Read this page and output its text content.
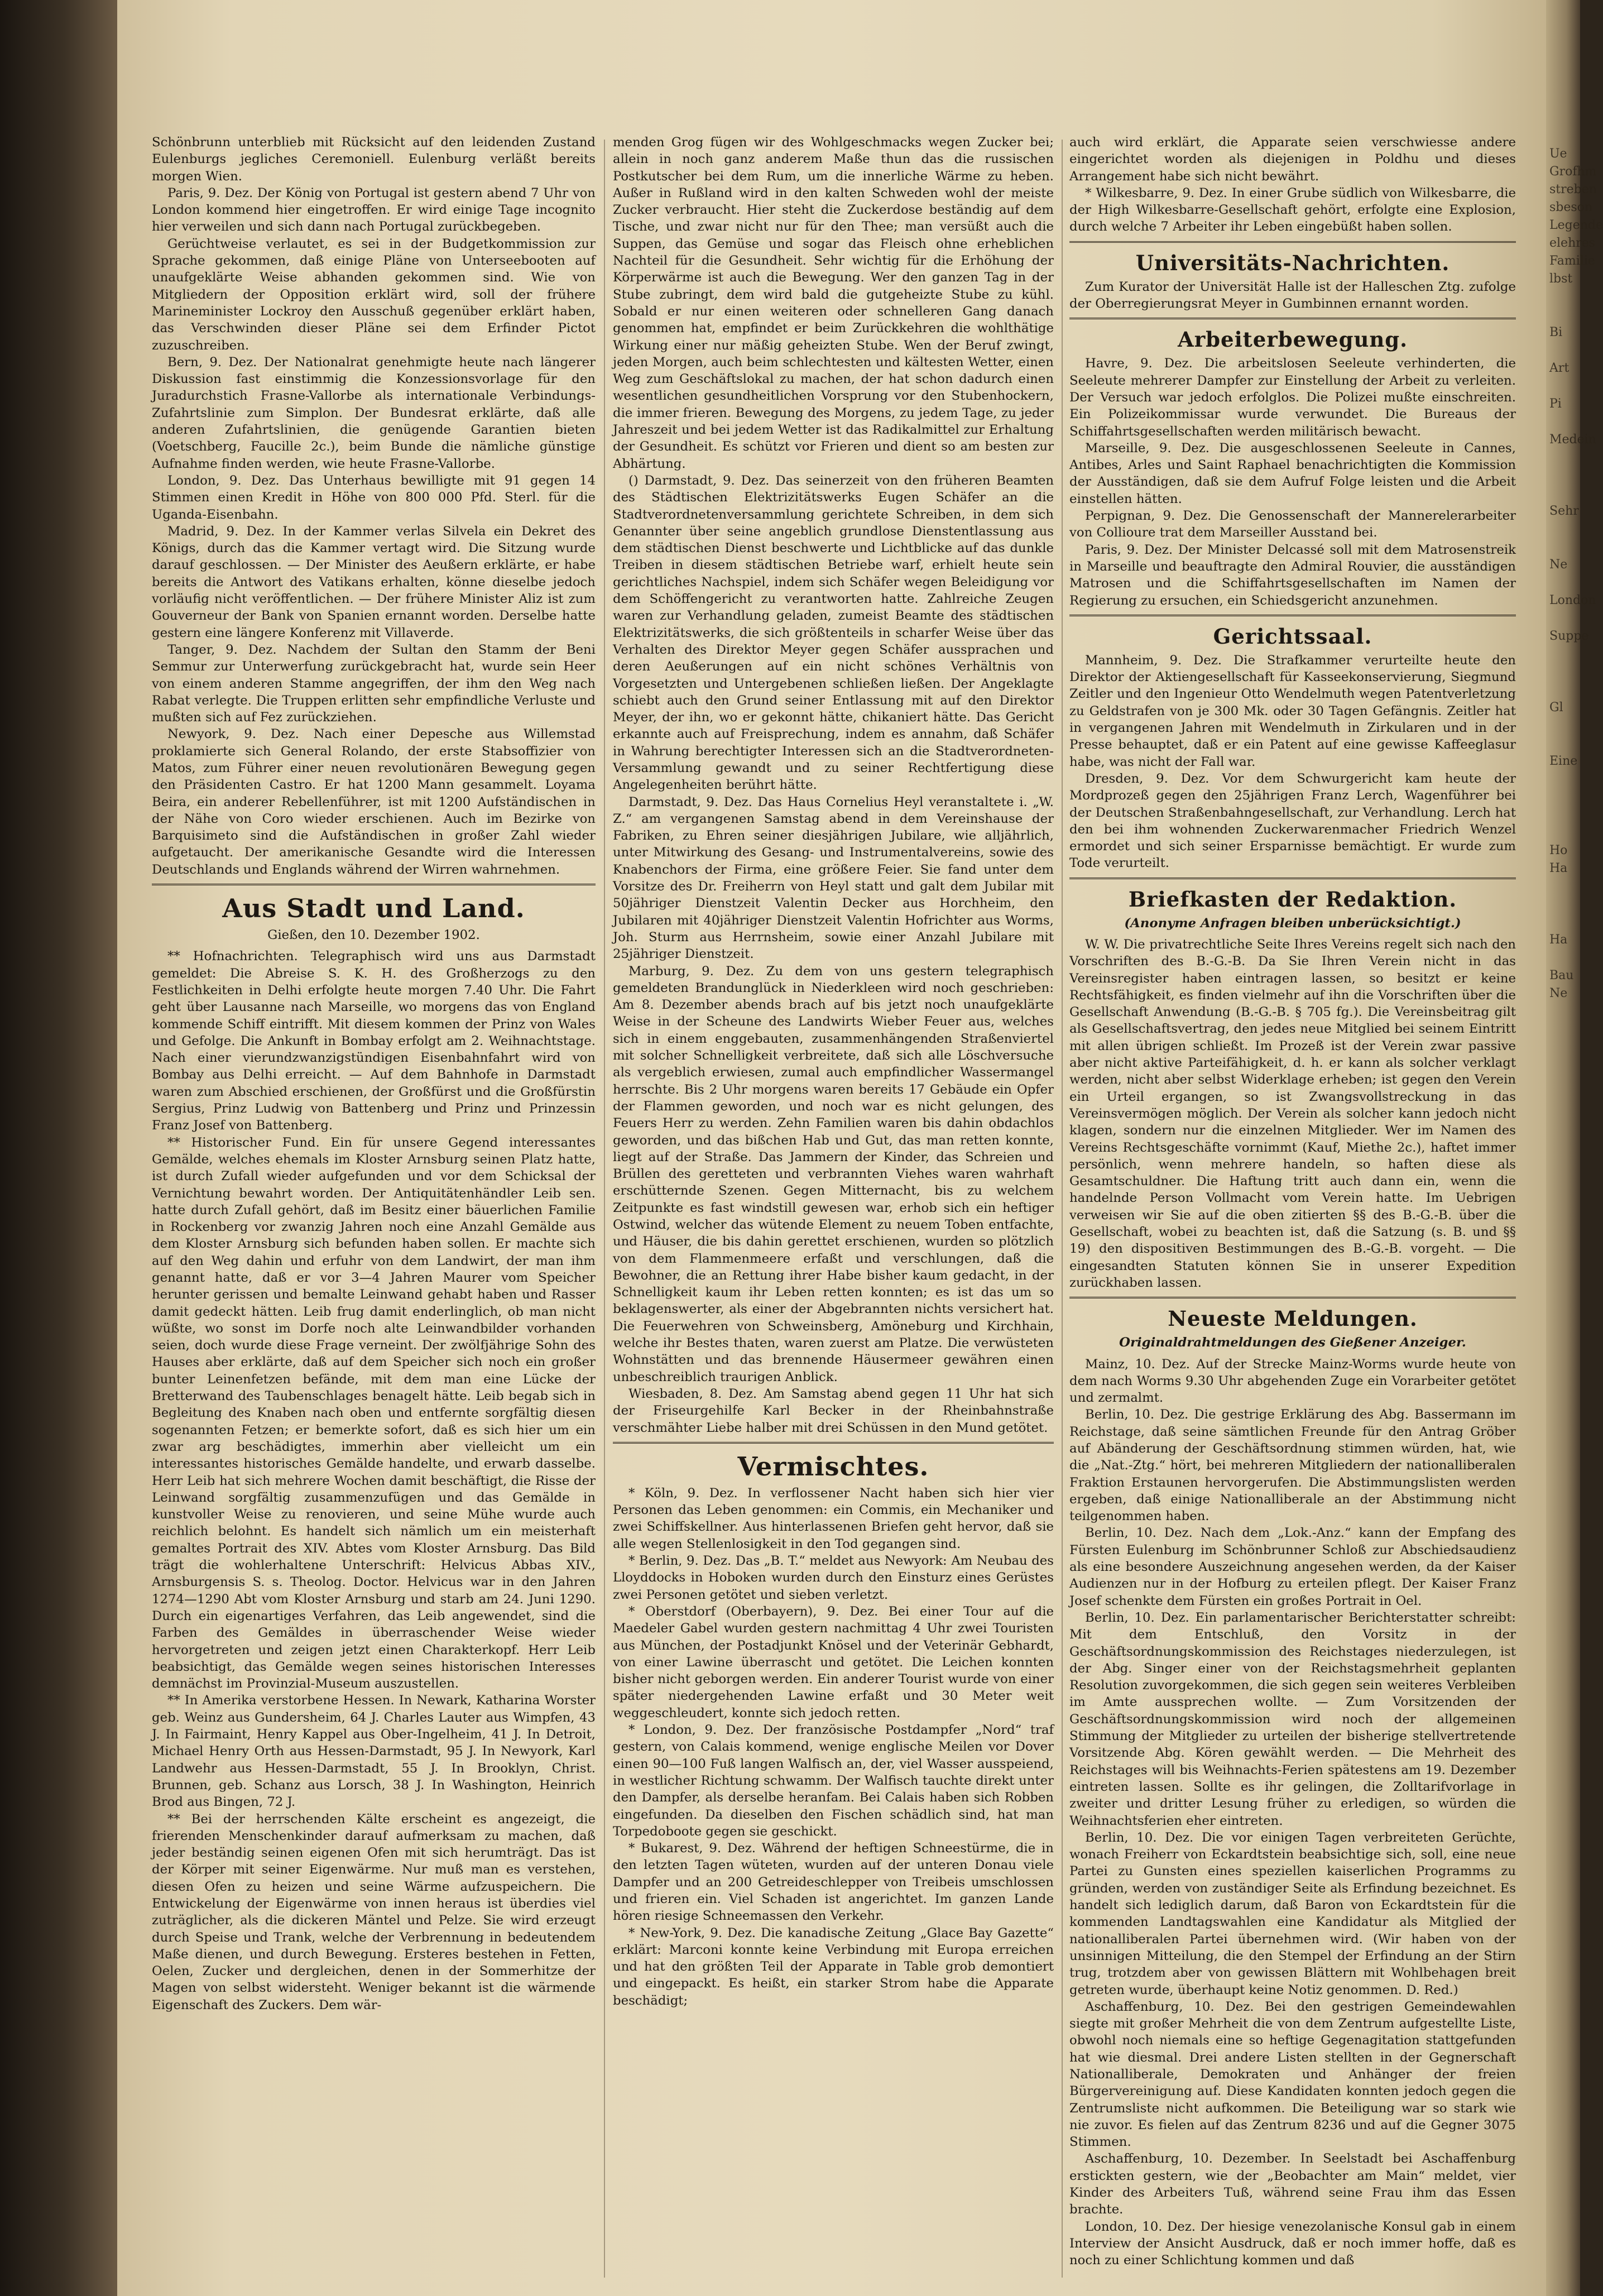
Schönbrunn unterblieb mit Rücksicht auf den leidenden Zustand Eulenburgs jegliches Ceremoniell. Eulenburg verläßt bereits morgen Wien.

Paris, 9. Dez. Der König von Portugal ist gestern abend 7 Uhr von London kommend hier eingetroffen. Er wird einige Tage incognito hier verweilen und sich dann nach Portugal zurückbegeben.

Gerüchtweise verlautet, es sei in der Budgetkommission zur Sprache gekommen, daß einige Pläne von Unterseebooten auf unaufgeklärte Weise abhanden gekommen sind. Wie von Mitgliedern der Opposition erklärt wird, soll der frühere Marineminister Lockroy den Ausschuß gegenüber erklärt haben, das Verschwinden dieser Pläne sei dem Erfinder Pictot zuzuschreiben.

Bern, 9. Dez. Der Nationalrat genehmigte heute nach längerer Diskussion fast einstimmig die Konzessionsvorlage für den Juradurchstich Frasne-Vallorbe als internationale Verbindungs-Zufahrtslinie zum Simplon. Der Bundesrat erklärte, daß alle anderen Zufahrtslinien, die genügende Garantien bieten (Voetschberg, Faucille 2c.), beim Bunde die nämliche günstige Aufnahme finden werden, wie heute Frasne-Vallorbe.

London, 9. Dez. Das Unterhaus bewilligte mit 91 gegen 14 Stimmen einen Kredit in Höhe von 800 000 Pfd. Sterl. für die Uganda-Eisenbahn.

Madrid, 9. Dez. In der Kammer verlas Silvela ein Dekret des Königs, durch das die Kammer vertagt wird. Die Sitzung wurde darauf geschlossen. — Der Minister des Aeußern erklärte, er habe bereits die Antwort des Vatikans erhalten, könne dieselbe jedoch vorläufig nicht veröffentlichen. — Der frühere Minister Aliz ist zum Gouverneur der Bank von Spanien ernannt worden. Derselbe hatte gestern eine längere Konferenz mit Villaverde.

Tanger, 9. Dez. Nachdem der Sultan den Stamm der Beni Semmur zur Unterwerfung zurückgebracht hat, wurde sein Heer von einem anderen Stamme angegriffen, der ihm den Weg nach Rabat verlegte. Die Truppen erlitten sehr empfindliche Verluste und mußten sich auf Fez zurückziehen.

Newyork, 9. Dez. Nach einer Depesche aus Willemstad proklamierte sich General Rolando, der erste Stabsoffizier von Matos, zum Führer einer neuen revolutionären Bewegung gegen den Präsidenten Castro. Er hat 1200 Mann gesammelt. Loyama Beira, ein anderer Rebellenführer, ist mit 1200 Aufständischen in der Nähe von Coro wieder erschienen. Auch im Bezirke von Barquisimeto sind die Aufständischen in großer Zahl wieder aufgetaucht. Der amerikanische Gesandte wird die Interessen Deutschlands und Englands während der Wirren wahrnehmen.

Aus Stadt und Land.
Gießen, den 10. Dezember 1902.

** Hofnachrichten. Telegraphisch wird uns aus Darmstadt gemeldet: Die Abreise S. K. H. des Großherzogs zu den Festlichkeiten in Delhi erfolgte heute morgen 7.40 Uhr. Die Fahrt geht über Lausanne nach Marseille, wo morgens das von England kommende Schiff eintrifft. Mit diesem kommen der Prinz von Wales und Gefolge. Die Ankunft in Bombay erfolgt am 2. Weihnachtstage. Nach einer vierundzwanzigstündigen Eisenbahnfahrt wird von Bombay aus Delhi erreicht. — Auf dem Bahnhofe in Darmstadt waren zum Abschied erschienen, der Großfürst und die Großfürstin Sergius, Prinz Ludwig von Battenberg und Prinz und Prinzessin Franz Josef von Battenberg.

** Historischer Fund. Ein für unsere Gegend interessantes Gemälde, welches ehemals im Kloster Arnsburg seinen Platz hatte, ist durch Zufall wieder aufgefunden und vor dem Schicksal der Vernichtung bewahrt worden. Der Antiquitätenhändler Leib sen. hatte durch Zufall gehört, daß im Besitz einer bäuerlichen Familie in Rockenberg vor zwanzig Jahren noch eine Anzahl Gemälde aus dem Kloster Arnsburg sich befunden haben sollen. Er machte sich auf den Weg dahin und erfuhr von dem Landwirt, der man ihm genannt hatte, daß er vor 3—4 Jahren Maurer vom Speicher herunter gerissen und bemalte Leinwand gehabt haben und Rasser damit gedeckt hätten. Leib frug damit enderlinglich, ob man nicht wüßte, wo sonst im Dorfe noch alte Leinwandbilder vorhanden seien, doch wurde diese Frage verneint. Der zwölfjährige Sohn des Hauses aber erklärte, daß auf dem Speicher sich noch ein großer bunter Leinenfetzen befände, mit dem man eine Lücke der Bretterwand des Taubenschlages benagelt hätte. Leib begab sich in Begleitung des Knaben nach oben und entfernte sorgfältig diesen sogenannten Fetzen; er bemerkte sofort, daß es sich hier um ein zwar arg beschädigtes, immerhin aber vielleicht um ein interessantes historisches Gemälde handelte, und erwarb dasselbe. Herr Leib hat sich mehrere Wochen damit beschäftigt, die Risse der Leinwand sorgfältig zusammenzufügen und das Gemälde in kunstvoller Weise zu renovieren, und seine Mühe wurde auch reichlich belohnt. Es handelt sich nämlich um ein meisterhaft gemaltes Portrait des XIV. Abtes vom Kloster Arnsburg. Das Bild trägt die wohlerhaltene Unterschrift: Helvicus Abbas XIV., Arnsburgensis S. s. Theolog. Doctor. Helvicus war in den Jahren 1274—1290 Abt vom Kloster Arnsburg und starb am 24. Juni 1290. Durch ein eigenartiges Verfahren, das Leib angewendet, sind die Farben des Gemäldes in überraschender Weise wieder hervorgetreten und zeigen jetzt einen Charakterkopf. Herr Leib beabsichtigt, das Gemälde wegen seines historischen Interesses demnächst im Provinzial-Museum auszustellen.

** In Amerika verstorbene Hessen. In Newark, Katharina Worster geb. Weinz aus Gundersheim, 64 J. Charles Lauter aus Wimpfen, 43 J. In Fairmaint, Henry Kappel aus Ober-Ingelheim, 41 J. In Detroit, Michael Henry Orth aus Hessen-Darmstadt, 95 J. In Newyork, Karl Landwehr aus Hessen-Darmstadt, 55 J. In Brooklyn, Christ. Brunnen, geb. Schanz aus Lorsch, 38 J. In Washington, Heinrich Brod aus Bingen, 72 J.

** Bei der herrschenden Kälte erscheint es angezeigt, die frierenden Menschenkinder darauf aufmerksam zu machen, daß jeder beständig seinen eigenen Ofen mit sich herumträgt. Das ist der Körper mit seiner Eigenwärme. Nur muß man es verstehen, diesen Ofen zu heizen und seine Wärme aufzuspeichern. Die Entwickelung der Eigenwärme von innen heraus ist überdies viel zuträglicher, als die dickeren Mäntel und Pelze. Sie wird erzeugt durch Speise und Trank, welche der Verbrennung in bedeutendem Maße dienen, und durch Bewegung. Ersteres bestehen in Fetten, Oelen, Zucker und dergleichen, denen in der Sommerhitze der Magen von selbst widersteht. Weniger bekannt ist die wärmende Eigenschaft des Zuckers. Dem wär-

menden Grog fügen wir des Wohlgeschmacks wegen Zucker bei; allein in noch ganz anderem Maße thun das die russischen Postkutscher bei dem Rum, um die innerliche Wärme zu heben. Außer in Rußland wird in den kalten Schweden wohl der meiste Zucker verbraucht. Hier steht die Zuckerdose beständig auf dem Tische, und zwar nicht nur für den Thee; man versüßt auch die Suppen, das Gemüse und sogar das Fleisch ohne erheblichen Nachteil für die Gesundheit. Sehr wichtig für die Erhöhung der Körperwärme ist auch die Bewegung. Wer den ganzen Tag in der Stube zubringt, dem wird bald die gutgeheizte Stube zu kühl. Sobald er nur einen weiteren oder schnelleren Gang danach genommen hat, empfindet er beim Zurückkehren die wohlthätige Wirkung einer nur mäßig geheizten Stube. Wen der Beruf zwingt, jeden Morgen, auch beim schlechtesten und kältesten Wetter, einen Weg zum Geschäftslokal zu machen, der hat schon dadurch einen wesentlichen gesundheitlichen Vorsprung vor den Stubenhockern, die immer frieren. Bewegung des Morgens, zu jedem Tage, zu jeder Jahreszeit und bei jedem Wetter ist das Radikalmittel zur Erhaltung der Gesundheit. Es schützt vor Frieren und dient so am besten zur Abhärtung.

() Darmstadt, 9. Dez. Das seinerzeit von den früheren Beamten des Städtischen Elektrizitätswerks Eugen Schäfer an die Stadtverordnetenversammlung gerichtete Schreiben, in dem sich Genannter über seine angeblich grundlose Dienstentlassung aus dem städtischen Dienst beschwerte und Lichtblicke auf das dunkle Treiben in diesem städtischen Betriebe warf, erhielt heute sein gerichtliches Nachspiel, indem sich Schäfer wegen Beleidigung vor dem Schöffengericht zu verantworten hatte. Zahlreiche Zeugen waren zur Verhandlung geladen, zumeist Beamte des städtischen Elektrizitätswerks, die sich größtenteils in scharfer Weise über das Verhalten des Direktor Meyer gegen Schäfer aussprachen und deren Aeußerungen auf ein nicht schönes Verhältnis von Vorgesetzten und Untergebenen schließen ließen. Der Angeklagte schiebt auch den Grund seiner Entlassung mit auf den Direktor Meyer, der ihn, wo er gekonnt hätte, chikaniert hätte. Das Gericht erkannte auch auf Freisprechung, indem es annahm, daß Schäfer in Wahrung berechtigter Interessen sich an die Stadtverordneten-Versammlung gewandt und zu seiner Rechtfertigung diese Angelegenheiten berührt hätte.

Darmstadt, 9. Dez. Das Haus Cornelius Heyl veranstaltete i. „W. Z.“ am vergangenen Samstag abend in dem Vereinshause der Fabriken, zu Ehren seiner diesjährigen Jubilare, wie alljährlich, unter Mitwirkung des Gesang- und Instrumentalvereins, sowie des Knabenchors der Firma, eine größere Feier. Sie fand unter dem Vorsitze des Dr. Freiherrn von Heyl statt und galt dem Jubilar mit 50jähriger Dienstzeit Valentin Decker aus Horchheim, den Jubilaren mit 40jähriger Dienstzeit Valentin Hofrichter aus Worms, Joh. Sturm aus Herrnsheim, sowie einer Anzahl Jubilare mit 25jähriger Dienstzeit.

Marburg, 9. Dez. Zu dem von uns gestern telegraphisch gemeldeten Brandunglück in Niederkleen wird noch geschrieben: Am 8. Dezember abends brach auf bis jetzt noch unaufgeklärte Weise in der Scheune des Landwirts Wieber Feuer aus, welches sich in einem enggebauten, zusammenhängenden Straßenviertel mit solcher Schnelligkeit verbreitete, daß sich alle Löschversuche als vergeblich erwiesen, zumal auch empfindlicher Wassermangel herrschte. Bis 2 Uhr morgens waren bereits 17 Gebäude ein Opfer der Flammen geworden, und noch war es nicht gelungen, des Feuers Herr zu werden. Zehn Familien waren bis dahin obdachlos geworden, und das bißchen Hab und Gut, das man retten konnte, liegt auf der Straße. Das Jammern der Kinder, das Schreien und Brüllen des geretteten und verbrannten Viehes waren wahrhaft erschütternde Szenen. Gegen Mitternacht, bis zu welchem Zeitpunkte es fast windstill gewesen war, erhob sich ein heftiger Ostwind, welcher das wütende Element zu neuem Toben entfachte, und Häuser, die bis dahin gerettet erschienen, wurden so plötzlich von dem Flammenmeere erfaßt und verschlungen, daß die Bewohner, die an Rettung ihrer Habe bisher kaum gedacht, in der Schnelligkeit kaum ihr Leben retten konnten; es ist das um so beklagenswerter, als einer der Abgebrannten nichts versichert hat. Die Feuerwehren von Schweinsberg, Amöneburg und Kirchhain, welche ihr Bestes thaten, waren zuerst am Platze. Die verwüsteten Wohnstätten und das brennende Häusermeer gewähren einen unbeschreiblich traurigen Anblick.

Wiesbaden, 8. Dez. Am Samstag abend gegen 11 Uhr hat sich der Friseurgehilfe Karl Becker in der Rheinbahnstraße verschmähter Liebe halber mit drei Schüssen in den Mund getötet.

Vermischtes.

* Köln, 9. Dez. In verflossener Nacht haben sich hier vier Personen das Leben genommen: ein Commis, ein Mechaniker und zwei Schiffskellner. Aus hinterlassenen Briefen geht hervor, daß sie alle wegen Stellenlosigkeit in den Tod gegangen sind.

* Berlin, 9. Dez. Das „B. T.“ meldet aus Newyork: Am Neubau des Lloyddocks in Hoboken wurden durch den Einsturz eines Gerüstes zwei Personen getötet und sieben verletzt.

* Oberstdorf (Oberbayern), 9. Dez. Bei einer Tour auf die Maedeler Gabel wurden gestern nachmittag 4 Uhr zwei Touristen aus München, der Postadjunkt Knösel und der Veterinär Gebhardt, von einer Lawine überrascht und getötet. Die Leichen konnten bisher nicht geborgen werden. Ein anderer Tourist wurde von einer später niedergehenden Lawine erfaßt und 30 Meter weit weggeschleudert, konnte sich jedoch retten.

* London, 9. Dez. Der französische Postdampfer „Nord“ traf gestern, von Calais kommend, wenige englische Meilen vor Dover einen 90—100 Fuß langen Walfisch an, der, viel Wasser ausspeiend, in westlicher Richtung schwamm. Der Walfisch tauchte direkt unter den Dampfer, als derselbe heranfam. Bei Calais haben sich Robben eingefunden. Da dieselben den Fischen schädlich sind, hat man Torpedoboote gegen sie geschickt.

* Bukarest, 9. Dez. Während der heftigen Schneestürme, die in den letzten Tagen wüteten, wurden auf der unteren Donau viele Dampfer und an 200 Getreideschlepper von Treibeis umschlossen und frieren ein. Viel Schaden ist angerichtet. Im ganzen Lande hören riesige Schneemassen den Verkehr.

* New-York, 9. Dez. Die kanadische Zeitung „Glace Bay Gazette“ erklärt: Marconi konnte keine Verbindung mit Europa erreichen und hat den größten Teil der Apparate in Table grob demontiert und eingepackt. Es heißt, ein starker Strom habe die Apparate beschädigt;

auch wird erklärt, die Apparate seien verschwiesse andere eingerichtet worden als diejenigen in Poldhu und dieses Arrangement habe sich nicht bewährt.

* Wilkesbarre, 9. Dez. In einer Grube südlich von Wilkesbarre, die der High Wilkesbarre-Gesellschaft gehört, erfolgte eine Explosion, durch welche 7 Arbeiter ihr Leben eingebüßt haben sollen.

Universitäts-Nachrichten.

Zum Kurator der Universität Halle ist der Halleschen Ztg. zufolge der Oberregierungsrat Meyer in Gumbinnen ernannt worden.

Arbeiterbewegung.

Havre, 9. Dez. Die arbeitslosen Seeleute verhinderten, die Seeleute mehrerer Dampfer zur Einstellung der Arbeit zu verleiten. Der Versuch war jedoch erfolglos. Die Polizei mußte einschreiten. Ein Polizeikommissar wurde verwundet. Die Bureaus der Schiffahrtsgesellschaften werden militärisch bewacht.

Marseille, 9. Dez. Die ausgeschlossenen Seeleute in Cannes, Antibes, Arles und Saint Raphael benachrichtigten die Kommission der Ausständigen, daß sie dem Aufruf Folge leisten und die Arbeit einstellen hätten.

Perpignan, 9. Dez. Die Genossenschaft der Mannerelerarbeiter von Collioure trat dem Marseiller Ausstand bei.

Paris, 9. Dez. Der Minister Delcassé soll mit dem Matrosenstreik in Marseille und beauftragte den Admiral Rouvier, die ausständigen Matrosen und die Schiffahrtsgesellschaften im Namen der Regierung zu ersuchen, ein Schiedsgericht anzunehmen.

Gerichtssaal.

Mannheim, 9. Dez. Die Strafkammer verurteilte heute den Direktor der Aktiengesellschaft für Kasseekonservierung, Siegmund Zeitler und den Ingenieur Otto Wendelmuth wegen Patentverletzung zu Geldstrafen von je 300 Mk. oder 30 Tagen Gefängnis. Zeitler hat in vergangenen Jahren mit Wendelmuth in Zirkularen und in der Presse behauptet, daß er ein Patent auf eine gewisse Kaffeeglasur habe, was nicht der Fall war.

Dresden, 9. Dez. Vor dem Schwurgericht kam heute der Mordprozeß gegen den 25jährigen Franz Lerch, Wagenführer bei der Deutschen Straßenbahngesellschaft, zur Verhandlung. Lerch hat den bei ihm wohnenden Zuckerwarenmacher Friedrich Wenzel ermordet und sich seiner Ersparnisse bemächtigt. Er wurde zum Tode verurteilt.

Briefkasten der Redaktion.
(Anonyme Anfragen bleiben unberücksichtigt.)

W. W. Die privatrechtliche Seite Ihres Vereins regelt sich nach den Vorschriften des B.-G.-B. Da Sie Ihren Verein nicht in das Vereinsregister haben eintragen lassen, so besitzt er keine Rechtsfähigkeit, es finden vielmehr auf ihn die Vorschriften über die Gesellschaft Anwendung (B.-G.-B. § 705 fg.). Die Vereinsbeitrag gilt als Gesellschaftsvertrag, den jedes neue Mitglied bei seinem Eintritt mit allen übrigen schließt. Im Prozeß ist der Verein zwar passive aber nicht aktive Parteifähigkeit, d. h. er kann als solcher verklagt werden, nicht aber selbst Widerklage erheben; ist gegen den Verein ein Urteil ergangen, so ist Zwangsvollstreckung in das Vereinsvermögen möglich. Der Verein als solcher kann jedoch nicht klagen, sondern nur die einzelnen Mitglieder. Wer im Namen des Vereins Rechtsgeschäfte vornimmt (Kauf, Miethe 2c.), haftet immer persönlich, wenn mehrere handeln, so haften diese als Gesamtschuldner. Die Haftung tritt auch dann ein, wenn die handelnde Person Vollmacht vom Verein hatte. Im Uebrigen verweisen wir Sie auf die oben zitierten §§ des B.-G.-B. über die Gesellschaft, wobei zu beachten ist, daß die Satzung (s. B. und §§ 19) den dispositiven Bestimmungen des B.-G.-B. vorgeht. — Die eingesandten Statuten können Sie in unserer Expedition zurückhaben lassen.

Neueste Meldungen.
Originaldrahtmeldungen des Gießener Anzeiger.

Mainz, 10. Dez. Auf der Strecke Mainz-Worms wurde heute von dem nach Worms 9.30 Uhr abgehenden Zuge ein Vorarbeiter getötet und zermalmt.

Berlin, 10. Dez. Die gestrige Erklärung des Abg. Bassermann im Reichstage, daß seine sämtlichen Freunde für den Antrag Gröber auf Abänderung der Geschäftsordnung stimmen würden, hat, wie die „Nat.-Ztg.“ hört, bei mehreren Mitgliedern der nationalliberalen Fraktion Erstaunen hervorgerufen. Die Abstimmungslisten werden ergeben, daß einige Nationalliberale an der Abstimmung nicht teilgenommen haben.

Berlin, 10. Dez. Nach dem „Lok.-Anz.“ kann der Empfang des Fürsten Eulenburg im Schönbrunner Schloß zur Abschiedsaudienz als eine besondere Auszeichnung angesehen werden, da der Kaiser Audienzen nur in der Hofburg zu erteilen pflegt. Der Kaiser Franz Josef schenkte dem Fürsten ein großes Portrait in Oel.

Berlin, 10. Dez. Ein parlamentarischer Berichterstatter schreibt: Mit dem Entschluß, den Vorsitz in der Geschäftsordnungskommission des Reichstages niederzulegen, ist der Abg. Singer einer von der Reichstagsmehrheit geplanten Resolution zuvorgekommen, die sich gegen sein weiteres Verbleiben im Amte aussprechen wollte. — Zum Vorsitzenden der Geschäftsordnungskommission wird noch der allgemeinen Stimmung der Mitglieder zu urteilen der bisherige stellvertretende Vorsitzende Abg. Kören gewählt werden. — Die Mehrheit des Reichstages will bis Weihnachts-Ferien spätestens am 19. Dezember eintreten lassen. Sollte es ihr gelingen, die Zolltarifvorlage in zweiter und dritter Lesung früher zu erledigen, so würden die Weihnachtsferien eher eintreten.

Berlin, 10. Dez. Die vor einigen Tagen verbreiteten Gerüchte, wonach Freiherr von Eckardtstein beabsichtige sich, soll, eine neue Partei zu Gunsten eines speziellen kaiserlichen Programms zu gründen, werden von zuständiger Seite als Erfindung bezeichnet. Es handelt sich lediglich darum, daß Baron von Eckardtstein für die kommenden Landtagswahlen eine Kandidatur als Mitglied der nationalliberalen Partei übernehmen wird. (Wir haben von der unsinnigen Mitteilung, die den Stempel der Erfindung an der Stirn trug, trotzdem aber von gewissen Blättern mit Wohlbehagen breit getreten wurde, überhaupt keine Notiz genommen. D. Red.)

Aschaffenburg, 10. Dez. Bei den gestrigen Gemeindewahlen siegte mit großer Mehrheit die von dem Zentrum aufgestellte Liste, obwohl noch niemals eine so heftige Gegenagitation stattgefunden hat wie diesmal. Drei andere Listen stellten in der Gegnerschaft Nationalliberale, Demokraten und Anhänger der freien Bürgervereinigung auf. Diese Kandidaten konnten jedoch gegen die Zentrumsliste nicht aufkommen. Die Beteiligung war so stark wie nie zuvor. Es fielen auf das Zentrum 8236 und auf die Gegner 3075 Stimmen.

Aschaffenburg, 10. Dezember. In Seelstadt bei Aschaffenburg erstickten gestern, wie der „Beobachter am Main“ meldet, vier Kinder des Arbeiters Tuß, während seine Frau ihm das Essen brachte.

London, 10. Dez. Der hiesige venezolanische Konsul gab in einem Interview der Ansicht Ausdruck, daß er noch immer hoffe, daß es noch zu einer Schlichtung kommen und daß

Ue
Grofhm
streben
sbeson
Legende
elehres
Familie
lbst

Bi

Art

Pi

Medein

Sehr

Ne

London

Suppe

Gl

Eine

Ho
Ha

Ha

Bau
Ne
